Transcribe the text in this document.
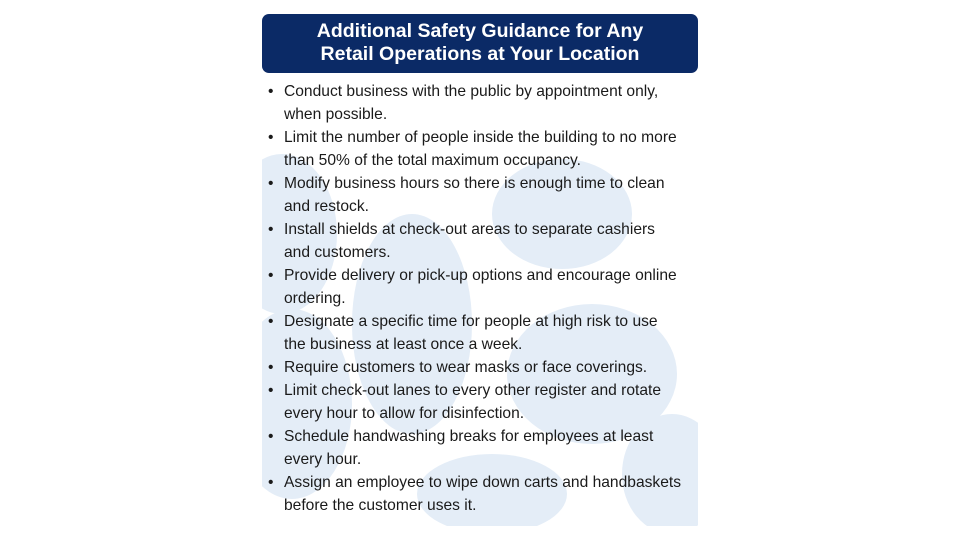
Additional Safety Guidance for Any
Retail Operations at Your Location
• Conduct business with the public by appointment only,
when possible.
• Limit the number of people inside the building to no more
than 50% of the total maximum occupancy.
• Modify business hours so there is enough time to clean
and restock.
• Install shields at check-out areas to separate cashiers
and customers.
• Provide delivery or pick-up options and encourage online
ordering.
• Designate a specific time for people at high risk to use
the business at least once a week.
• Require customers to wear masks or face coverings.
• Limit check-out lanes to every other register and rotate
every hour to allow for disinfection.
• Schedule handwashing breaks for employees at least
every hour.
• Assign an employee to wipe down carts and handbaskets
before the customer uses it.
